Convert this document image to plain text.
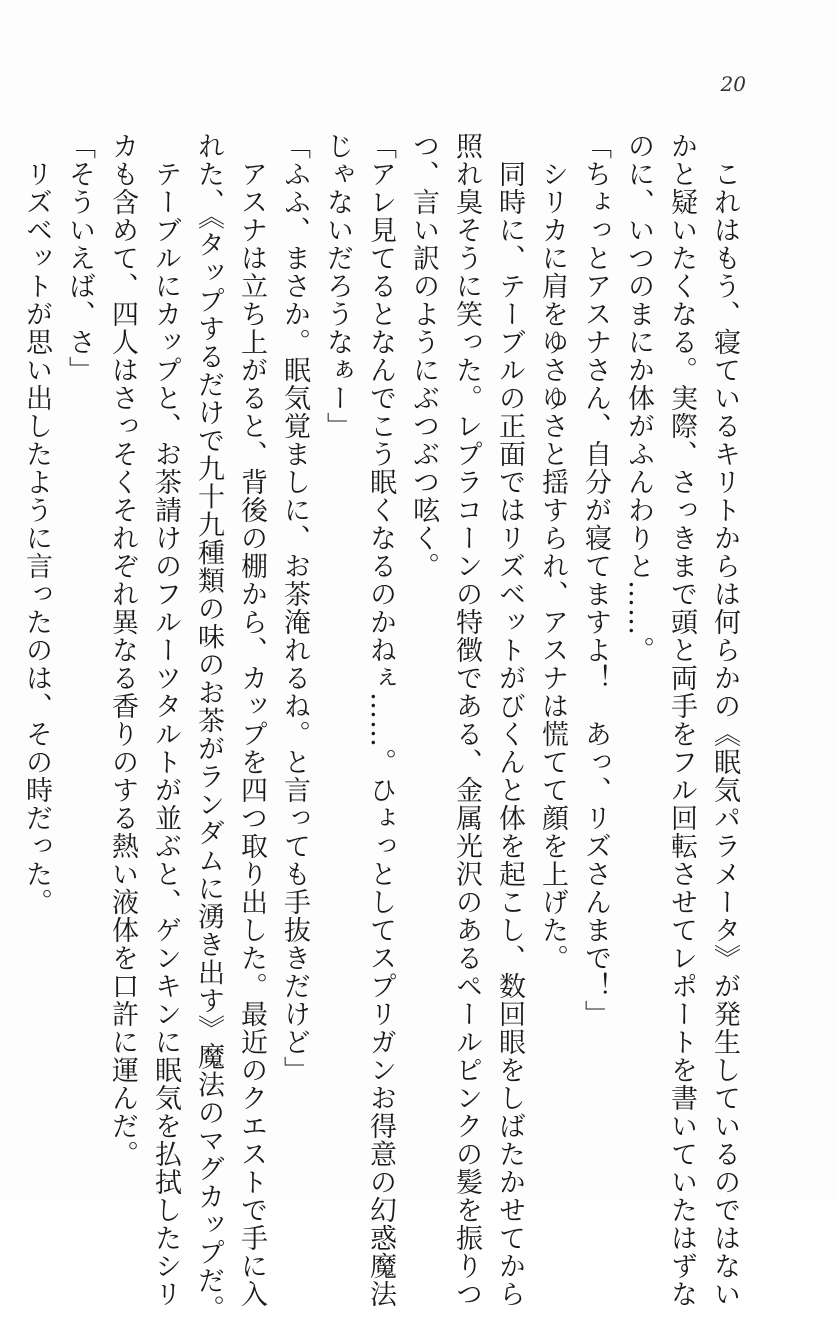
20
　これはもう、寝ているキリトからは何らかの《眠気パラメータ》が発生しているのではない
かと疑いたくなる。実際、さっきまで頭と両手をフル回転させてレポートを書いていたはずな
のに、いつのまにか体がふんわりと……。
「ちょっとアスナさん、自分が寝てますよ！　あっ、リズさんまで！」
　シリカに肩をゆさゆさと揺すられ、アスナは慌てて顔を上げた。
　同時に、テーブルの正面ではリズベットがびくんと体を起こし、数回眼をしばたかせてから
照れ臭そうに笑った。レプラコーンの特徴である、金属光沢のあるペールピンクの髪を振りつ
つ、言い訳のようにぶつぶつ呟く。
「アレ見てるとなんでこう眠くなるのかねぇ……。ひょっとしてスプリガンお得意の幻惑魔法
じゃないだろうなぁー」
「ふふ、まさか。眠気覚ましに、お茶淹れるね。と言っても手抜きだけど」
　アスナは立ち上がると、背後の棚から、カップを四つ取り出した。最近のクエストで手に入
れた、《タップするだけで九十九種類の味のお茶がランダムに湧き出す》魔法のマグカップだ。
　テーブルにカップと、お茶請けのフルーツタルトが並ぶと、ゲンキンに眠気を払拭したシリ
カも含めて、四人はさっそくそれぞれ異なる香りのする熱い液体を口許に運んだ。
「そういえば、さ」
　リズベットが思い出したように言ったのは、その時だった。
